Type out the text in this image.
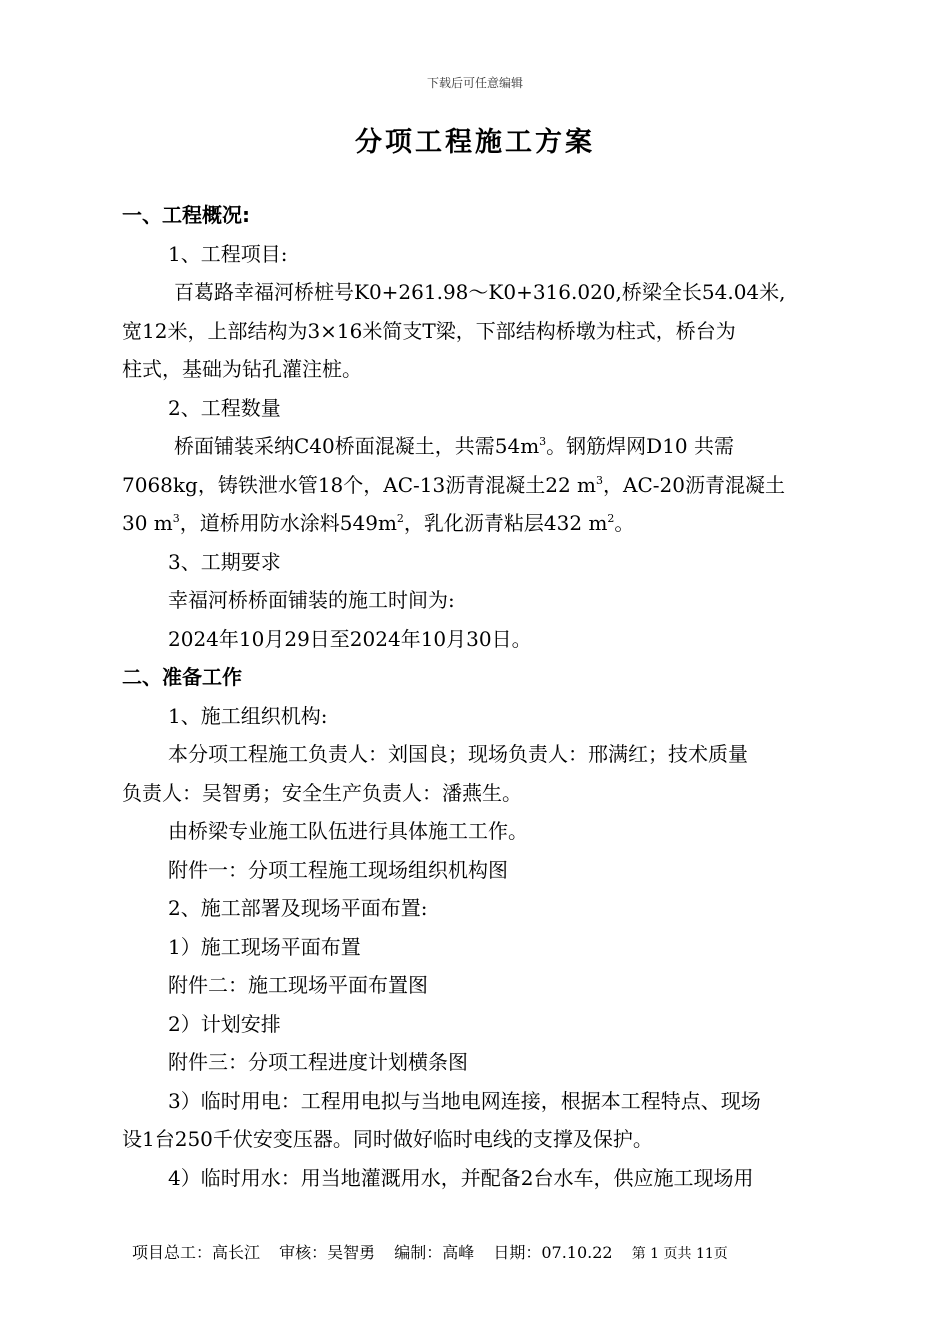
下载后可任意编辑
分项工程施工方案
一、工程概况:
1、工程项目:
百葛路幸福河桥桩号K0+261.98～K0+316.020,桥梁全长54.04米,
宽12米，上部结构为3×16米简支T梁，下部结构桥墩为柱式，桥台为
柱式，基础为钻孔灌注桩。
2、工程数量
桥面铺装采纳C40桥面混凝土，共需$54m^3$。钢筋焊网D10 共需
7068kg，铸铁泄水管18个，AC-13沥青混凝土22 $m^3$，AC-20沥青混凝土
30 $m^3$，道桥用防水涂料$549m^2$，乳化沥青粘层432 $m^2$。
3、工期要求
幸福河桥桥面铺装的施工时间为:
2024年10月29日至2024年10月30日。
二、准备工作
1、施工组织机构:
本分项工程施工负责人：刘国良；现场负责人：邢满红；技术质量
负责人：吴智勇；安全生产负责人：潘燕生。
由桥梁专业施工队伍进行具体施工工作。
附件一：分项工程施工现场组织机构图
2、施工部署及现场平面布置:
1）施工现场平面布置
附件二：施工现场平面布置图
2）计划安排
附件三：分项工程进度计划横条图
3）临时用电：工程用电拟与当地电网连接，根据本工程特点、现场
设1台250千伏安变压器。同时做好临时电线的支撑及保护。
4）临时用水：用当地灌溉用水，并配备2台水车，供应施工现场用
项目总工：高长江 审核：吴智勇 编制：高峰 日期：07.10.22 第 1 页共 11页
